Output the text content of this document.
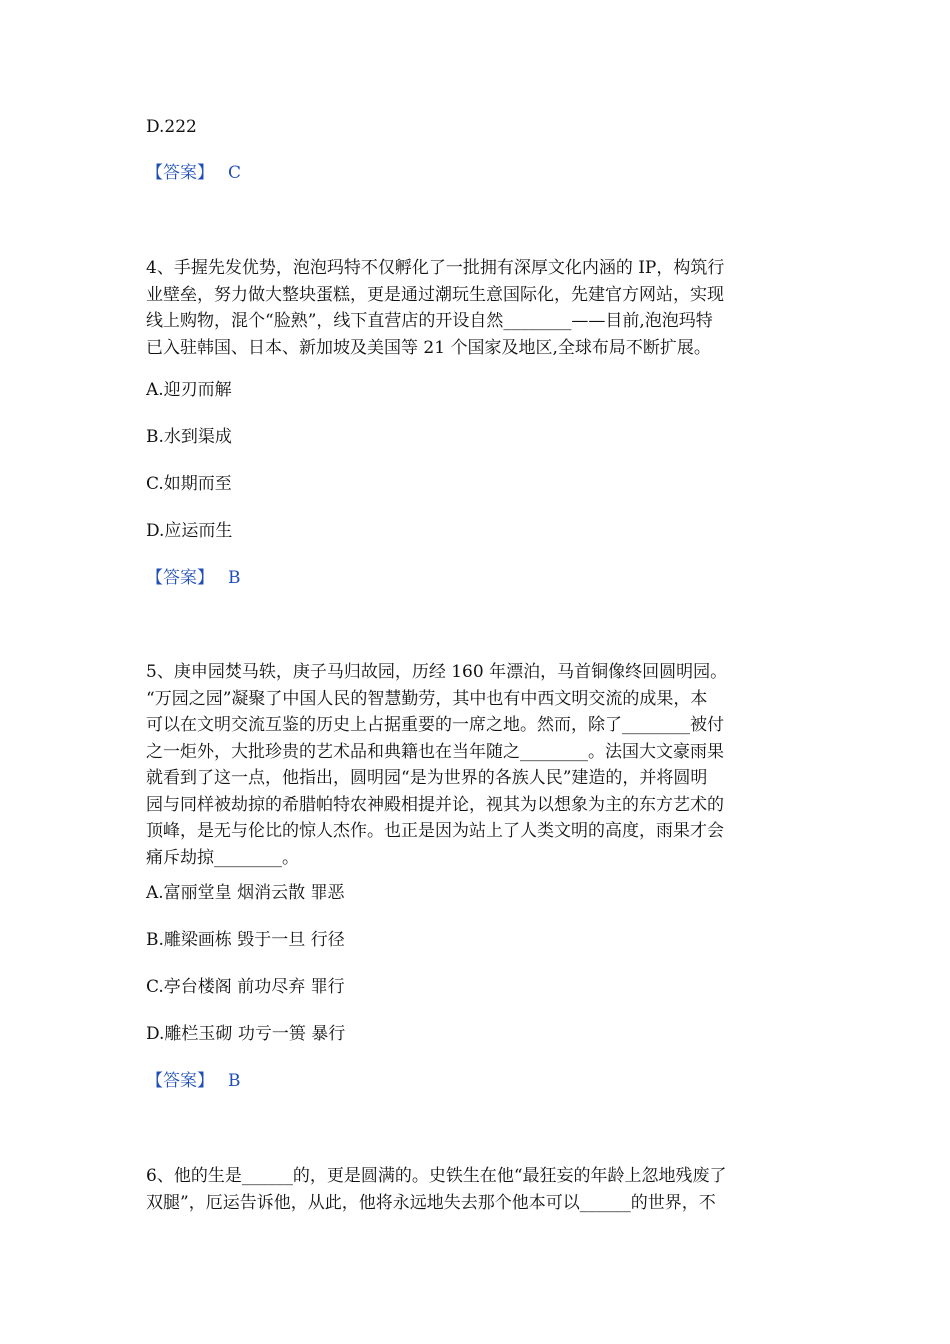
D.222
【答案】 C
4、手握先发优势，泡泡玛特不仅孵化了一批拥有深厚文化内涵的 IP，构筑行
业壁垒，努力做大整块蛋糕，更是通过潮玩生意国际化，先建官方网站，实现
线上购物，混个“脸熟”，线下直营店的开设自然________——目前,泡泡玛特
已入驻韩国、日本、新加坡及美国等 21 个国家及地区,全球布局不断扩展。
A.迎刃而解
B.水到渠成
C.如期而至
D.应运而生
【答案】 B
5、庚申园焚马轶，庚子马归故园，历经 160 年漂泊，马首铜像终回圆明园。
“万园之园”凝聚了中国人民的智慧勤劳，其中也有中西文明交流的成果，本
可以在文明交流互鉴的历史上占据重要的一席之地。然而，除了________被付
之一炬外，大批珍贵的艺术品和典籍也在当年随之________。法国大文豪雨果
就看到了这一点，他指出，圆明园“是为世界的各族人民”建造的，并将圆明
园与同样被劫掠的希腊帕特农神殿相提并论，视其为以想象为主的东方艺术的
顶峰，是无与伦比的惊人杰作。也正是因为站上了人类文明的高度，雨果才会
痛斥劫掠________。
A.富丽堂皇 烟消云散 罪恶
B.雕梁画栋 毁于一旦 行径
C.亭台楼阁 前功尽弃 罪行
D.雕栏玉砌 功亏一篑 暴行
【答案】 B
6、他的生是______的，更是圆满的。史铁生在他“最狂妄的年龄上忽地残废了
双腿”，厄运告诉他，从此，他将永远地失去那个他本可以______的世界，不
